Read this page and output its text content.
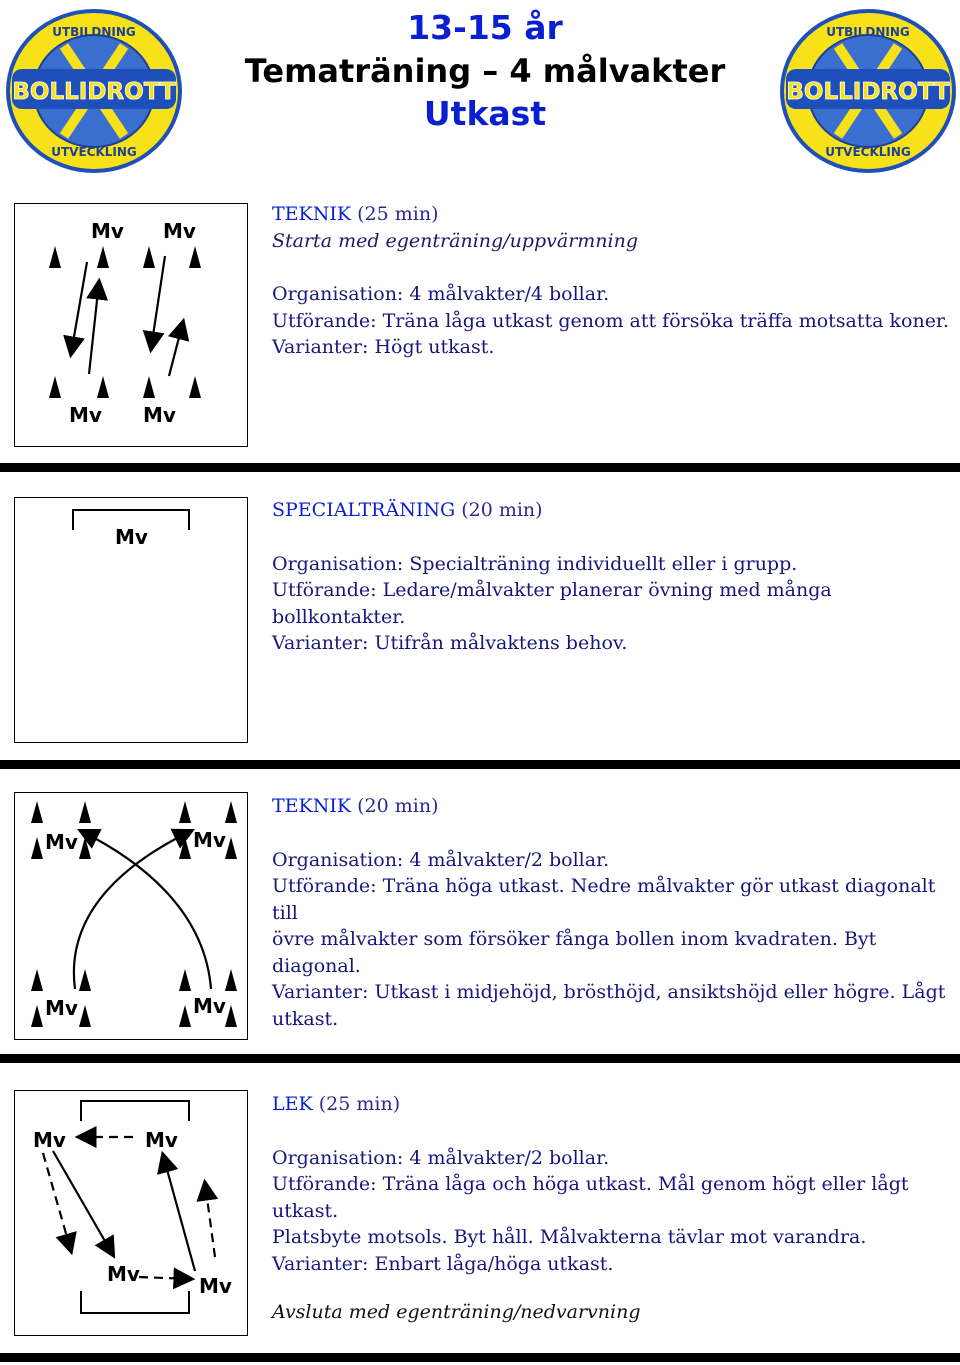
BOLLIDROTT
UTBILDNING
UTVECKLING
BOLLIDROTT
UTBILDNING
UTVECKLING
13-15 år
Tematräning – 4 målvakter
Utkast
Mv Mv
Mv Mv

TEKNIK (25 min)

Starta med egenträning/uppvärmning

Organisation: 4 målvakter/4 bollar.

Utförande: Träna låga utkast genom att försöka träffa motsatta koner.

Varianter: Högt utkast.

Mv

SPECIALTRÄNING (20 min)

Organisation: Specialträning individuellt eller i grupp.

Utförande: Ledare/målvakter planerar övning med många bollkontakter.

Varianter: Utifrån målvaktens behov.

Mv	Mv
Mv	Mv

TEKNIK (20 min)

Organisation: 4 målvakter/2 bollar.

Utförande: Träna höga utkast. Nedre målvakter gör utkast diagonalt till

övre målvakter som försöker fånga bollen inom kvadraten. Byt diagonal.

Varianter: Utkast i midjehöjd, brösthöjd, ansiktshöjd eller högre. Lågt

utkast.

Mv	Mv
Mv	Mv

LEK (25 min)

Organisation: 4 målvakter/2 bollar.

Utförande: Träna låga och höga utkast. Mål genom högt eller lågt utkast.

Platsbyte motsols. Byt håll. Målvakterna tävlar mot varandra.

Varianter: Enbart låga/höga utkast.

Avsluta med egenträning/nedvarvning
